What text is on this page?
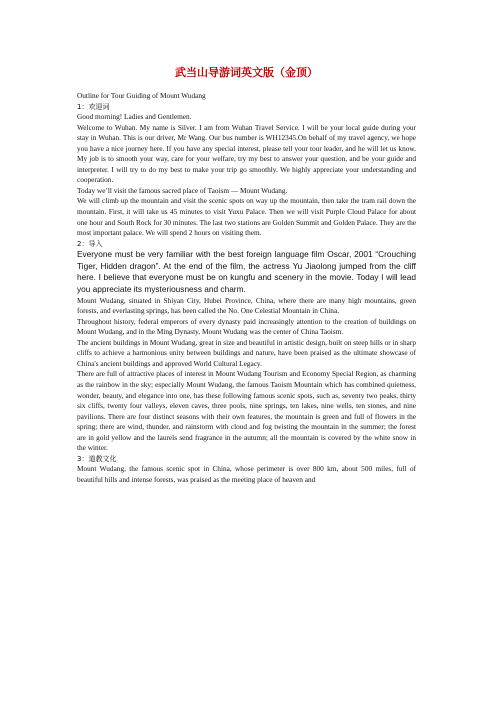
武当山导游词英文版（金顶）

Outline for Tour Guiding of Mount Wudang

1：欢迎词

Good morning! Ladies and Gentlemen.

Welcome to Wuhan. My name is Silver. I am from Wuhan Travel Service. I will be your local guide during your stay in Wuhan. This is our driver, Mr Wang. Our bus number is WH12345.On behalf of my travel agency, we hope you have a nice journey here. If you have any special interest, please tell your tour leader, and he will let us know. My job is to smooth your way, care for your welfare, try my best to answer your question, and be your guide and interpreter. I will try to do my best to make your trip go smoothly. We highly appreciate your understanding and cooperation.

Today we’ll visit the famous sacred place of Taoism — Mount Wudang.

We will climb up the mountain and visit the scenic spots on way up the mountain, then take the tram rail down the mountain. First, it will take us 45 minutes to visit Yuxu Palace. Then we will visit Purple Cloud Palace for about one hour and South Rock for 30 minutes. The last two stations are Golden Summit and Golden Palace. They are the most important palace. We will spend 2 hours on visiting them.

2：导入

Everyone must be very familiar with the best foreign language film Oscar, 2001 “Crouching Tiger, Hidden dragon”. At the end of the film, the actress Yu Jiaolong jumped from the cliff here. I believe that everyone must be on kungfu and scenery in the movie. Today I will lead you appreciate its mysteriousness and charm.

Mount Wudang, situated in Shiyan City, Hubei Province, China, where there are many high mountains, green forests, and everlasting springs, has been called the No. One Celestial Mountain in China.

Throughout history, federal emperors of every dynasty paid increasingly attention to the creation of buildings on Mount Wudang, and in the Ming Dynasty, Mount Wudang was the center of China Taoism.

The ancient buildings in Mount Wudang, great in size and beautiful in artistic design, built on steep hills or in sharp cliffs to achieve a harmonious unity between buildings and nature, have been praised as the ultimate showcase of China's ancient buildings and approved World Cultural Legacy.

There are full of attractive places of interest in Mount Wudang Tourism and Economy Special Region, as charming as the rainbow in the sky; especially Mount Wudang, the famous Taoism Mountain which has combined quietness, wonder, beauty, and elegance into one, has these following famous scenic spots, such as, seventy two peaks, thirty six cliffs, twenty four valleys, eleven caves, three pools, nine springs, ten lakes, nine wells, ten stones, and nine pavilions. There are four distinct seasons with their own features, the mountain is green and full of flowers in the spring; there are wind, thunder, and rainstorm with cloud and fog twisting the mountain in the summer; the forest are in gold yellow and the laurels send fragrance in the autumn; all the mountain is covered by the white snow in the winter.

3：道教文化

Mount Wudang, the famous scenic spot in China, whose perimeter is over 800 km, about 500 miles, full of beautiful hills and intense forests, was praised as the meeting place of heaven and
